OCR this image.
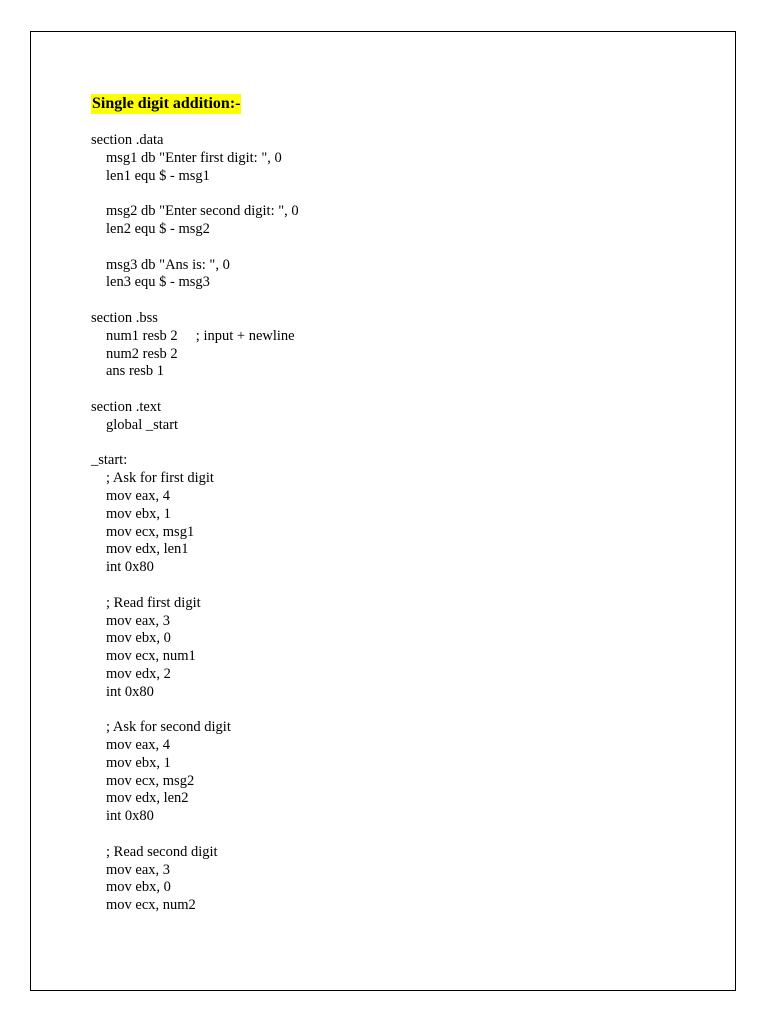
Single digit addition:-
section .data
msg1 db "Enter first digit: ", 0
len1 equ $ - msg1
msg2 db "Enter second digit: ", 0
len2 equ $ - msg2
msg3 db "Ans is: ", 0
len3 equ $ - msg3
section .bss
num1 resb 2     ; input + newline
num2 resb 2
ans resb 1
section .text
global _start
_start:
; Ask for first digit
mov eax, 4
mov ebx, 1
mov ecx, msg1
mov edx, len1
int 0x80
; Read first digit
mov eax, 3
mov ebx, 0
mov ecx, num1
mov edx, 2
int 0x80
; Ask for second digit
mov eax, 4
mov ebx, 1
mov ecx, msg2
mov edx, len2
int 0x80
; Read second digit
mov eax, 3
mov ebx, 0
mov ecx, num2
